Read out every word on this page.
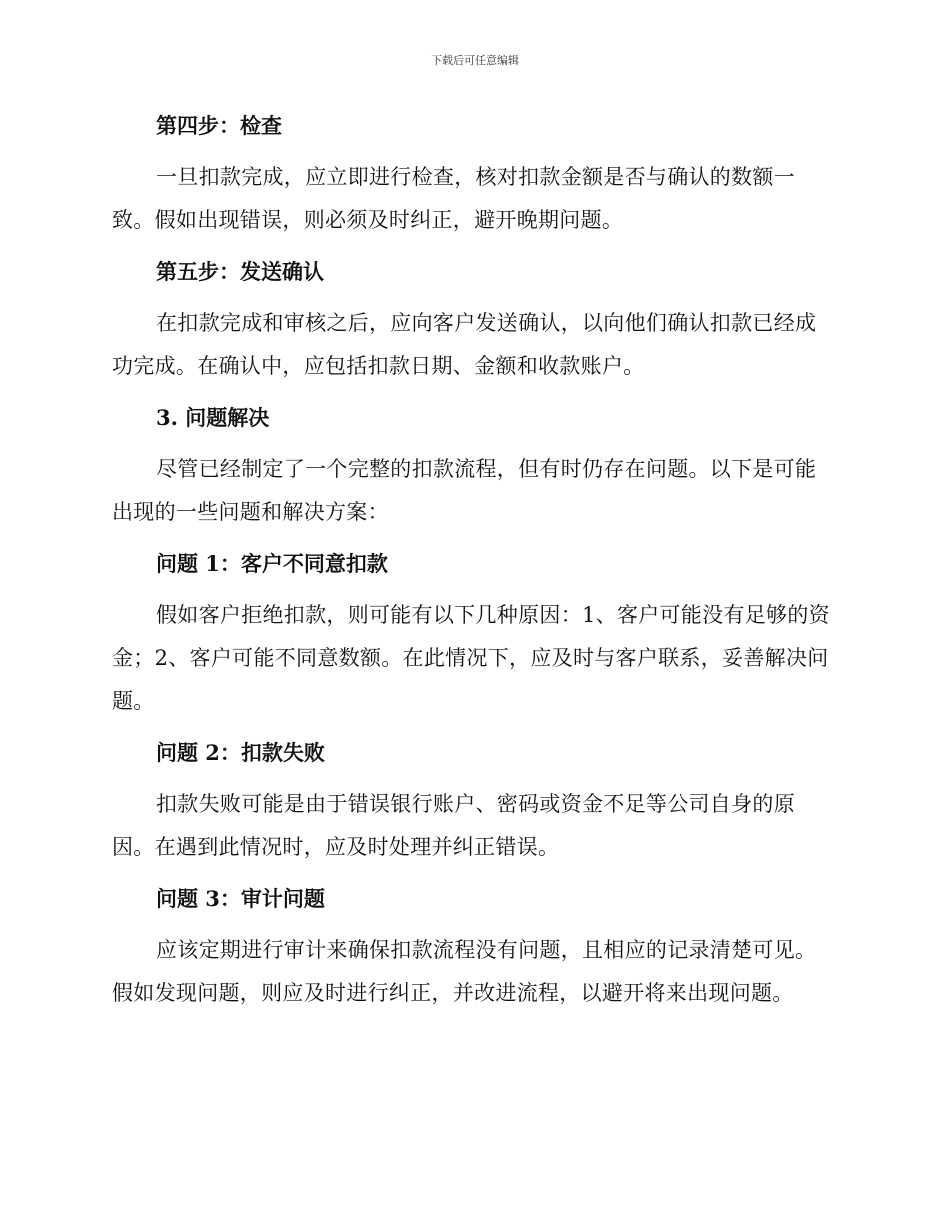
下载后可任意编辑
第四步：检查
一旦扣款完成，应立即进行检查，核对扣款金额是否与确认的数额一致。假如出现错误，则必须及时纠正，避开晚期问题。
第五步：发送确认
在扣款完成和审核之后，应向客户发送确认，以向他们确认扣款已经成功完成。在确认中，应包括扣款日期、金额和收款账户。
3. 问题解决
尽管已经制定了一个完整的扣款流程，但有时仍存在问题。以下是可能出现的一些问题和解决方案：
问题 1：客户不同意扣款
假如客户拒绝扣款，则可能有以下几种原因：1、客户可能没有足够的资金；2、客户可能不同意数额。在此情况下，应及时与客户联系，妥善解决问题。
问题 2：扣款失败
扣款失败可能是由于错误银行账户、密码或资金不足等公司自身的原因。在遇到此情况时，应及时处理并纠正错误。
问题 3：审计问题
应该定期进行审计来确保扣款流程没有问题，且相应的记录清楚可见。假如发现问题，则应及时进行纠正，并改进流程，以避开将来出现问题。
